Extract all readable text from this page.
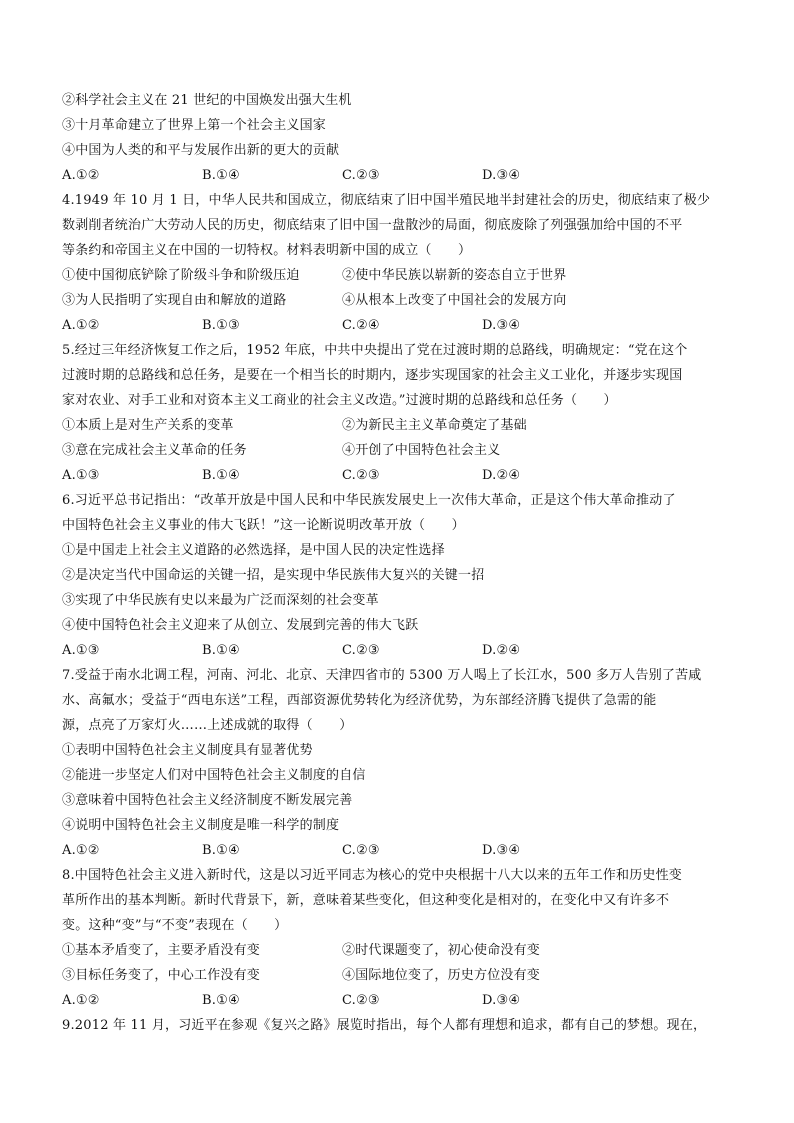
②科学社会主义在 21 世纪的中国焕发出强大生机
③十月革命建立了世界上第一个社会主义国家
④中国为人类的和平与发展作出新的更大的贡献
A.①②	B.①④	C.②③	D.③④
4.1949 年 10 月 1 日，中华人民共和国成立，彻底结束了旧中国半殖民地半封建社会的历史，彻底结束了极少
数剥削者统治广大劳动人民的历史，彻底结束了旧中国一盘散沙的局面，彻底废除了列强强加给中国的不平
等条约和帝国主义在中国的一切特权。材料表明新中国的成立（　　）
①使中国彻底铲除了阶级斗争和阶级压迫	②使中华民族以崭新的姿态自立于世界
③为人民指明了实现自由和解放的道路	④从根本上改变了中国社会的发展方向
A.①②	B.①③	C.②④	D.③④
5.经过三年经济恢复工作之后，1952 年底，中共中央提出了党在过渡时期的总路线，明确规定：“党在这个
过渡时期的总路线和总任务，是要在一个相当长的时期内，逐步实现国家的社会主义工业化，并逐步实现国
家对农业、对手工业和对资本主义工商业的社会主义改造。”过渡时期的总路线和总任务（　　）
①本质上是对生产关系的变革	②为新民主主义革命奠定了基础
③意在完成社会主义革命的任务	④开创了中国特色社会主义
A.①③	B.①④	C.②③	D.②④
6.习近平总书记指出：“改革开放是中国人民和中华民族发展史上一次伟大革命，正是这个伟大革命推动了
中国特色社会主义事业的伟大飞跃！”这一论断说明改革开放（　　）
①是中国走上社会主义道路的必然选择，是中国人民的决定性选择
②是决定当代中国命运的关键一招，是实现中华民族伟大复兴的关键一招
③实现了中华民族有史以来最为广泛而深刻的社会变革
④使中国特色社会主义迎来了从创立、发展到完善的伟大飞跃
A.①③	B.①④	C.②③	D.②④
7.受益于南水北调工程，河南、河北、北京、天津四省市的 5300 万人喝上了长江水，500 多万人告别了苦咸
水、高氟水；受益于“西电东送”工程，西部资源优势转化为经济优势，为东部经济腾飞提供了急需的能
源，点亮了万家灯火……上述成就的取得（　　）
①表明中国特色社会主义制度具有显著优势
②能进一步坚定人们对中国特色社会主义制度的自信
③意味着中国特色社会主义经济制度不断发展完善
④说明中国特色社会主义制度是唯一科学的制度
A.①②	B.①④	C.②③	D.③④
8.中国特色社会主义进入新时代，这是以习近平同志为核心的党中央根据十八大以来的五年工作和历史性变
革所作出的基本判断。新时代背景下，新，意味着某些变化，但这种变化是相对的，在变化中又有许多不
变。这种“变”与“不变”表现在（　　）
①基本矛盾变了，主要矛盾没有变	②时代课题变了，初心使命没有变
③目标任务变了，中心工作没有变	④国际地位变了，历史方位没有变
A.①②	B.①④	C.②③	D.③④
9.2012 年 11 月，习近平在参观《复兴之路》展览时指出，每个人都有理想和追求，都有自己的梦想。现在，
